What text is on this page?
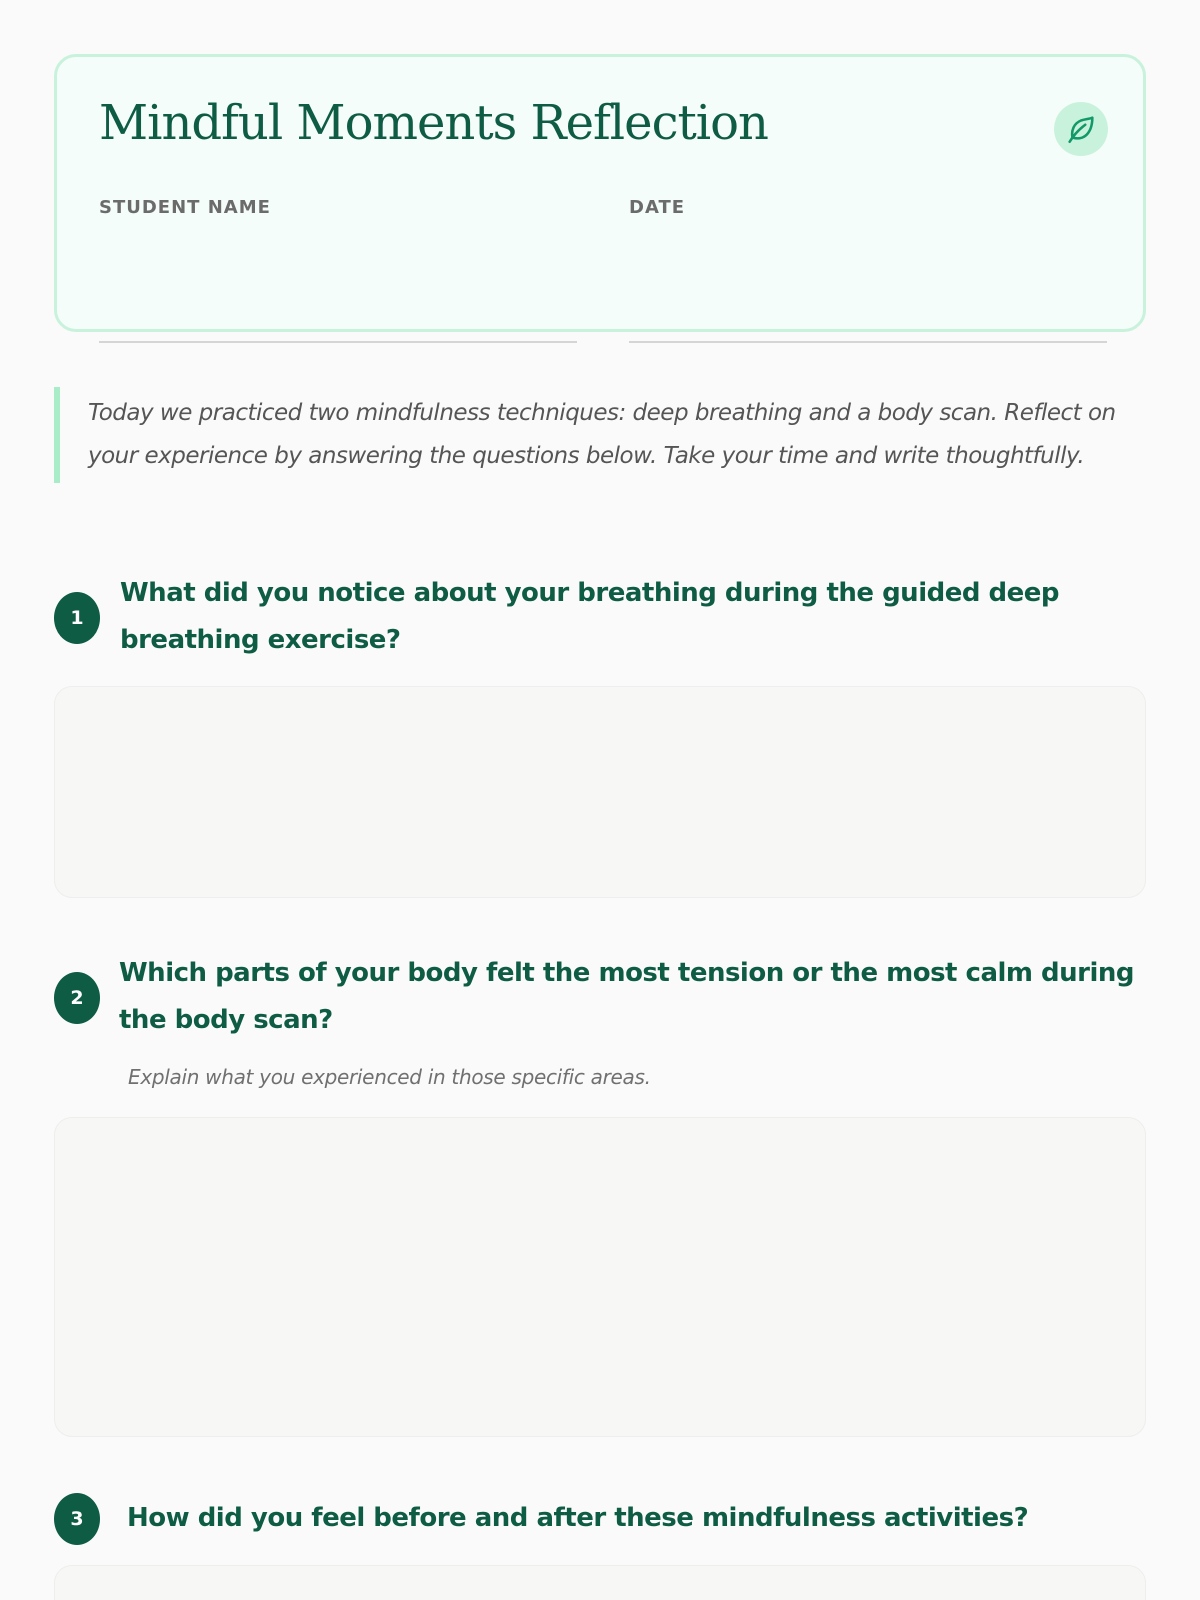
Mindful Moments Reflection
STUDENT NAME	DATE

Today we practiced two mindfulness techniques: deep breathing and a body scan. Reflect on your experience by answering the questions below. Take your time and write thoughtfully.

1

What did you notice about your breathing during the guided deep breathing exercise?

2

Which parts of your body felt the most tension or the most calm during the body scan?

Explain what you experienced in those specific areas.

3	How did you feel before and after these mindfulness activities?
